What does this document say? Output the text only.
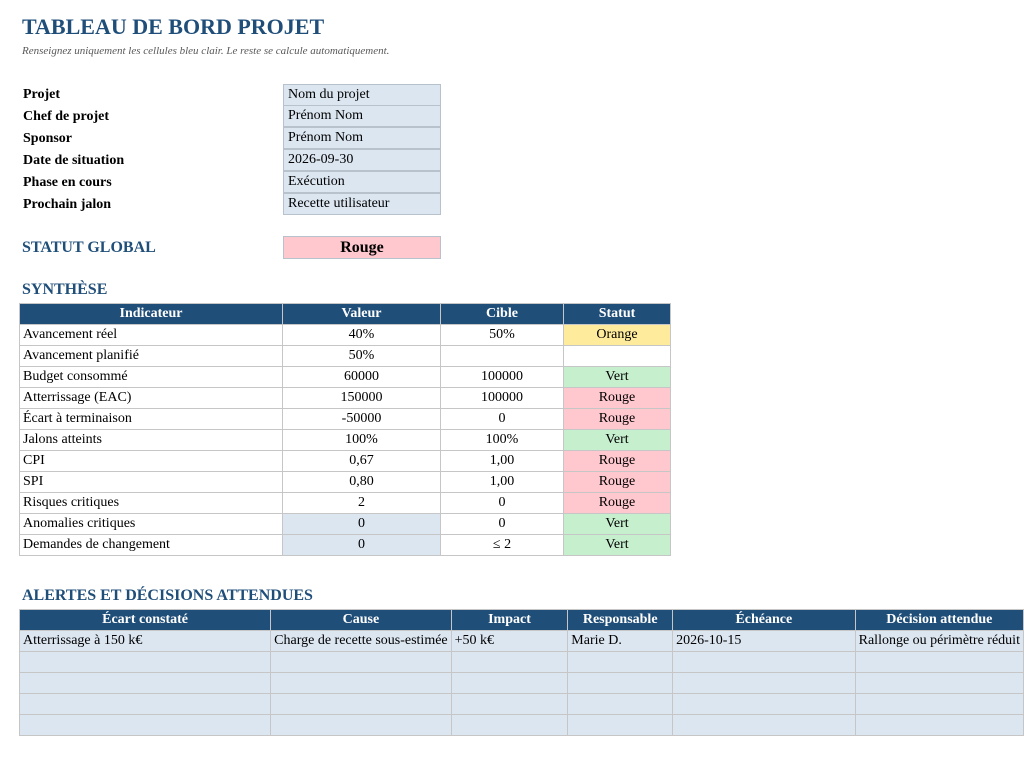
TABLEAU DE BORD PROJET
Renseignez uniquement les cellules bleu clair. Le reste se calcule automatiquement.
Projet	Nom du projet
Chef de projet	Prénom Nom
Sponsor	Prénom Nom
Date de situation	2026-09-30
Phase en cours	Exécution
Prochain jalon	Recette utilisateur
STATUT GLOBAL	Rouge
SYNTHÈSE
Indicateur	Valeur	Cible	Statut
Avancement réel	40%	50%	Orange
Avancement planifié	50%		
Budget consommé	60000	100000	Vert
Atterrissage (EAC)	150000	100000	Rouge
Écart à terminaison	-50000	0	Rouge
Jalons atteints	100%	100%	Vert
CPI	0,67	1,00	Rouge
SPI	0,80	1,00	Rouge
Risques critiques	2	0	Rouge
Anomalies critiques	0	0	Vert
Demandes de changement	0	≤ 2	Vert
ALERTES ET DÉCISIONS ATTENDUES
Écart constaté	Cause	Impact	Responsable	Échéance	Décision attendue
Atterrissage à 150 k€	Charge de recette sous-estimée	+50 k€	Marie D.	2026-10-15	Rallonge ou périmètre réduit
